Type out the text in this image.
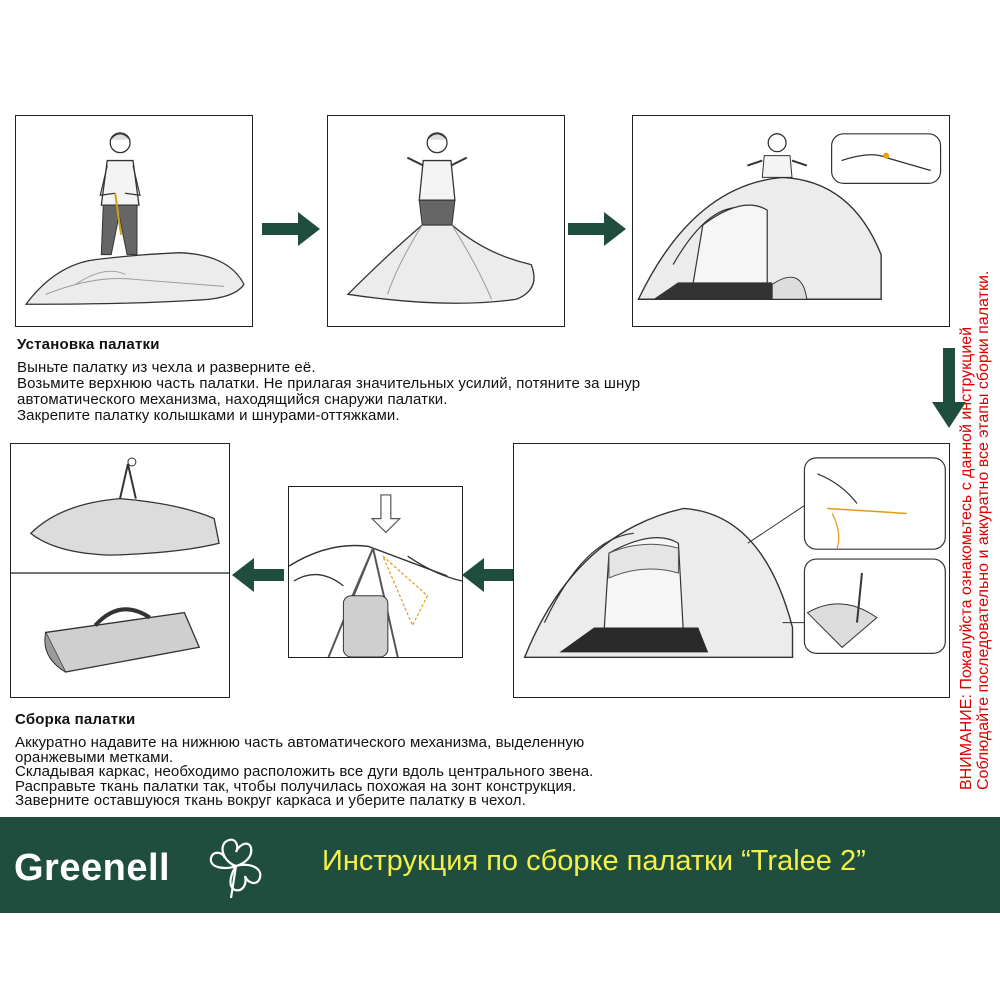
Установка палатки
Выньте палатку из чехла и разверните её.
Возьмите верхнюю часть палатки. Не прилагая значительных усилий, потяните за шнур
автоматического механизма, находящийся снаружи палатки.
Закрепите палатку колышками и шнурами-оттяжками.
Сборка палатки
Аккуратно надавите на нижнюю часть автоматического механизма, выделенную
оранжевыми метками.
Складывая каркас, необходимо расположить все дуги вдоль центрального звена.
Расправьте ткань палатки так, чтобы получилась похожая на зонт конструкция.
Заверните оставшуюся ткань вокруг каркаса и уберите палатку в чехол.
ВНИМАНИЕ: Пожалуйста ознакомьтесь с данной инструкцией Соблюдайте последовательно и аккуратно все этапы сборки палатки.
Greenell	Инструкция по сборке палатки “Tralee 2”
